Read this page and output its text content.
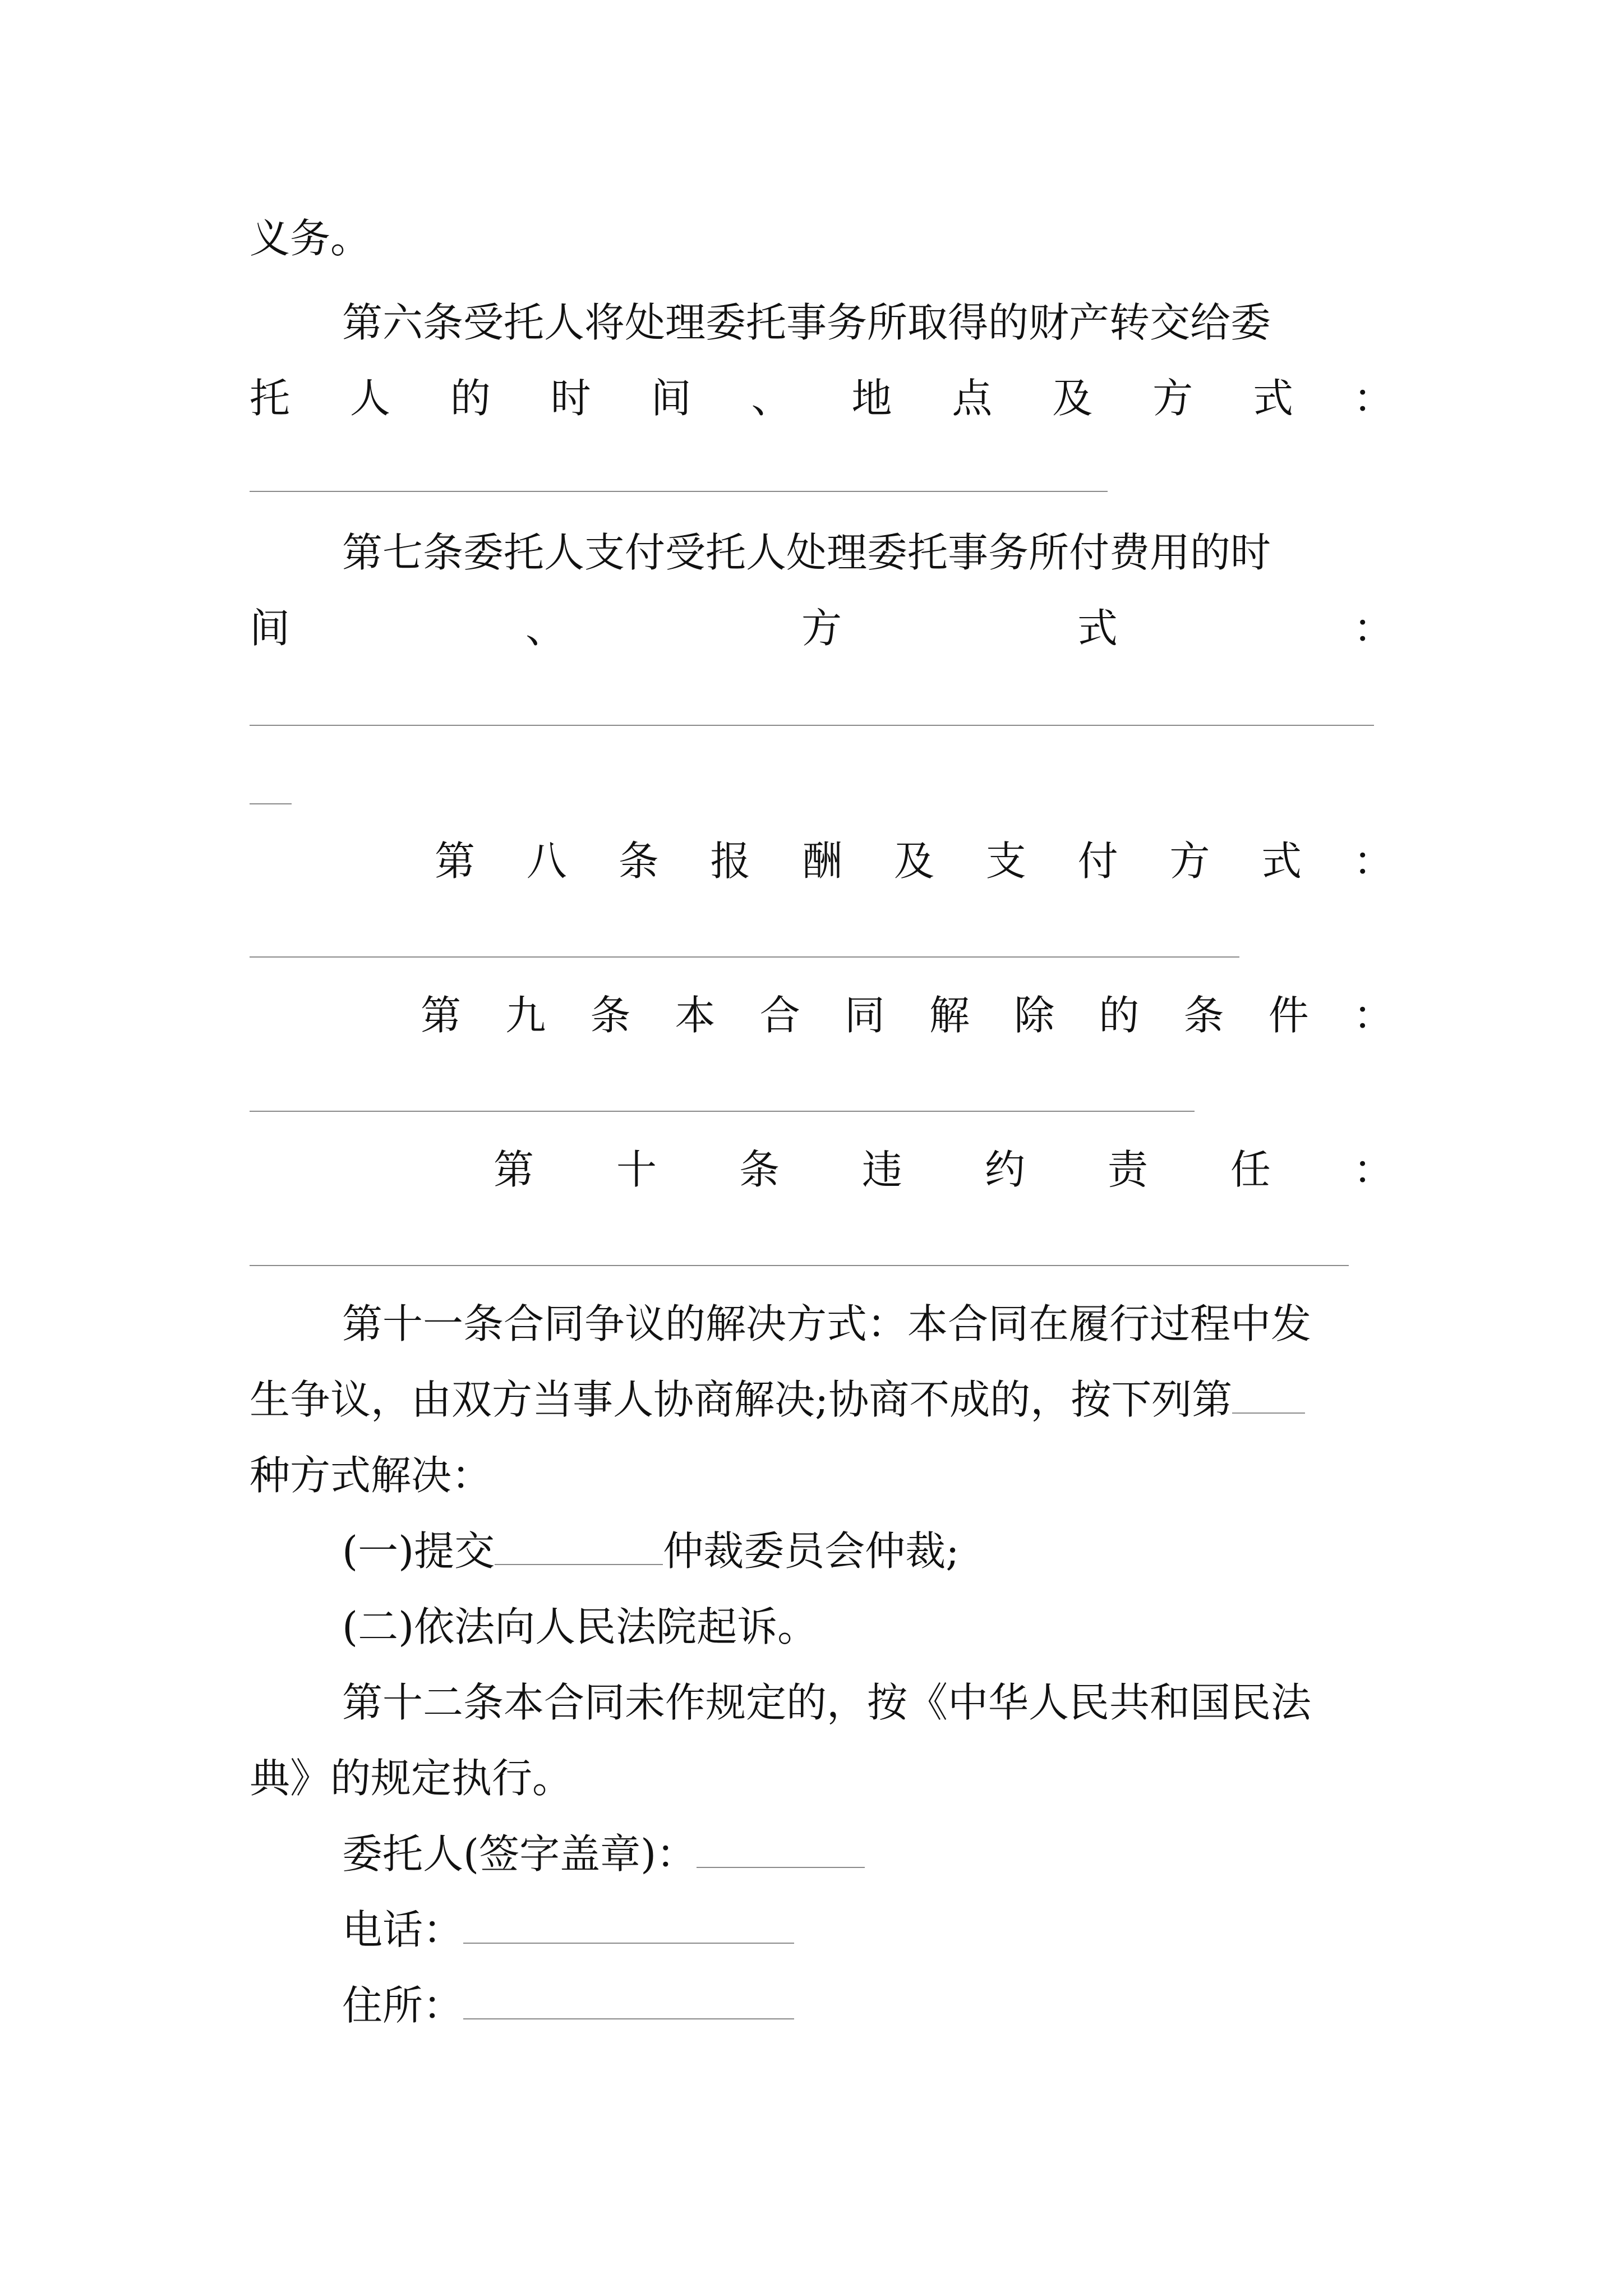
义务。

第六条受托人将处理委托事务所取得的财产转交给委

托 人 的 时 间 、 地 点 及 方 式 ：

第七条委托人支付受托人处理委托事务所付费用的时

间	、	方	式	：
第 八 条 报 酬 及 支 付 方 式 ：
第 九 条 本 合 同 解 除 的 条 件 ：
第 十 条 违 约 责 任 ：

第十一条合同争议的解决方式：本合同在履行过程中发

生争议，由双方当事人协商解决;协商不成的，按下列第

种方式解决：

(一)提交	仲裁委员会仲裁;

(二)依法向人民法院起诉。

第十二条本合同未作规定的，按《中华人民共和国民法

典》的规定执行。

委托人(签字盖章)：

电话：

住所：
